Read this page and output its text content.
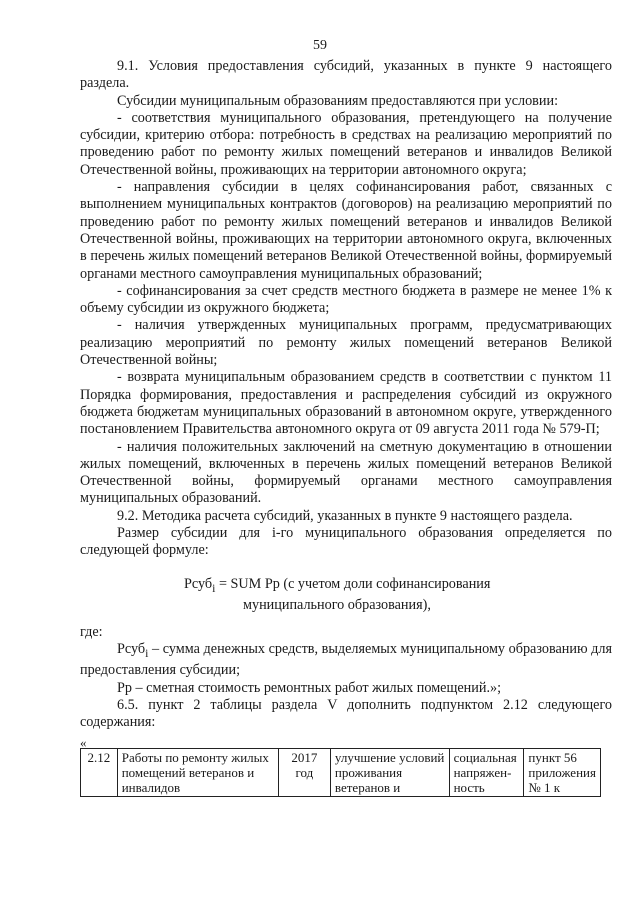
59

9.1. Условия предоставления субсидий, указанных в пункте 9 настоящего раздела.

Субсидии муниципальным образованиям предоставляются при условии:

- соответствия муниципального образования, претендующего на получение субсидии, критерию отбора: потребность в средствах на реализацию мероприятий по проведению работ по ремонту жилых помещений ветеранов и инвалидов Великой Отечественной войны, проживающих на территории автономного округа;

- направления субсидии в целях софинансирования работ, связанных с выполнением муниципальных контрактов (договоров) на реализацию мероприятий по проведению работ по ремонту жилых помещений ветеранов и инвалидов Великой Отечественной войны, проживающих на территории автономного округа, включенных в перечень жилых помещений ветеранов Великой Отечественной войны, формируемый органами местного самоуправления муниципальных образований;

- софинансирования за счет средств местного бюджета в размере не менее 1% к объему субсидии из окружного бюджета;

- наличия утвержденных муниципальных программ, предусматривающих реализацию мероприятий по ремонту жилых помещений ветеранов Великой Отечественной войны;

- возврата муниципальным образованием средств в соответствии с пунктом 11 Порядка формирования, предоставления и распределения субсидий из окружного бюджета бюджетам муниципальных образований в автономном округе, утвержденного постановлением Правительства автономного округа от 09 августа 2011 года № 579-П;

- наличия положительных заключений на сметную документацию в отношении жилых помещений, включенных в перечень жилых помещений ветеранов Великой Отечественной войны, формируемый органами местного самоуправления муниципальных образований.

9.2. Методика расчета субсидий, указанных в пункте 9 настоящего раздела.

Размер субсидии для i-го муниципального образования определяется по следующей формуле:

Рсуб$_i$ = SUM Рр (с учетом доли софинансирования
муниципального образования),

где:

Рсуб$_i$ – сумма денежных средств, выделяемых муниципальному образованию для предоставления субсидии;

Рр – сметная стоимость ремонтных работ жилых помещений.»;

6.5. пункт 2 таблицы раздела V дополнить подпунктом 2.12 следующего содержания:

«
2.12	Работы по ремонту жилых помещений ветеранов и инвалидов	2017 год	улучшение условий проживания ветеранов и	социальная напряженность	пункт 56 приложения № 1 к
